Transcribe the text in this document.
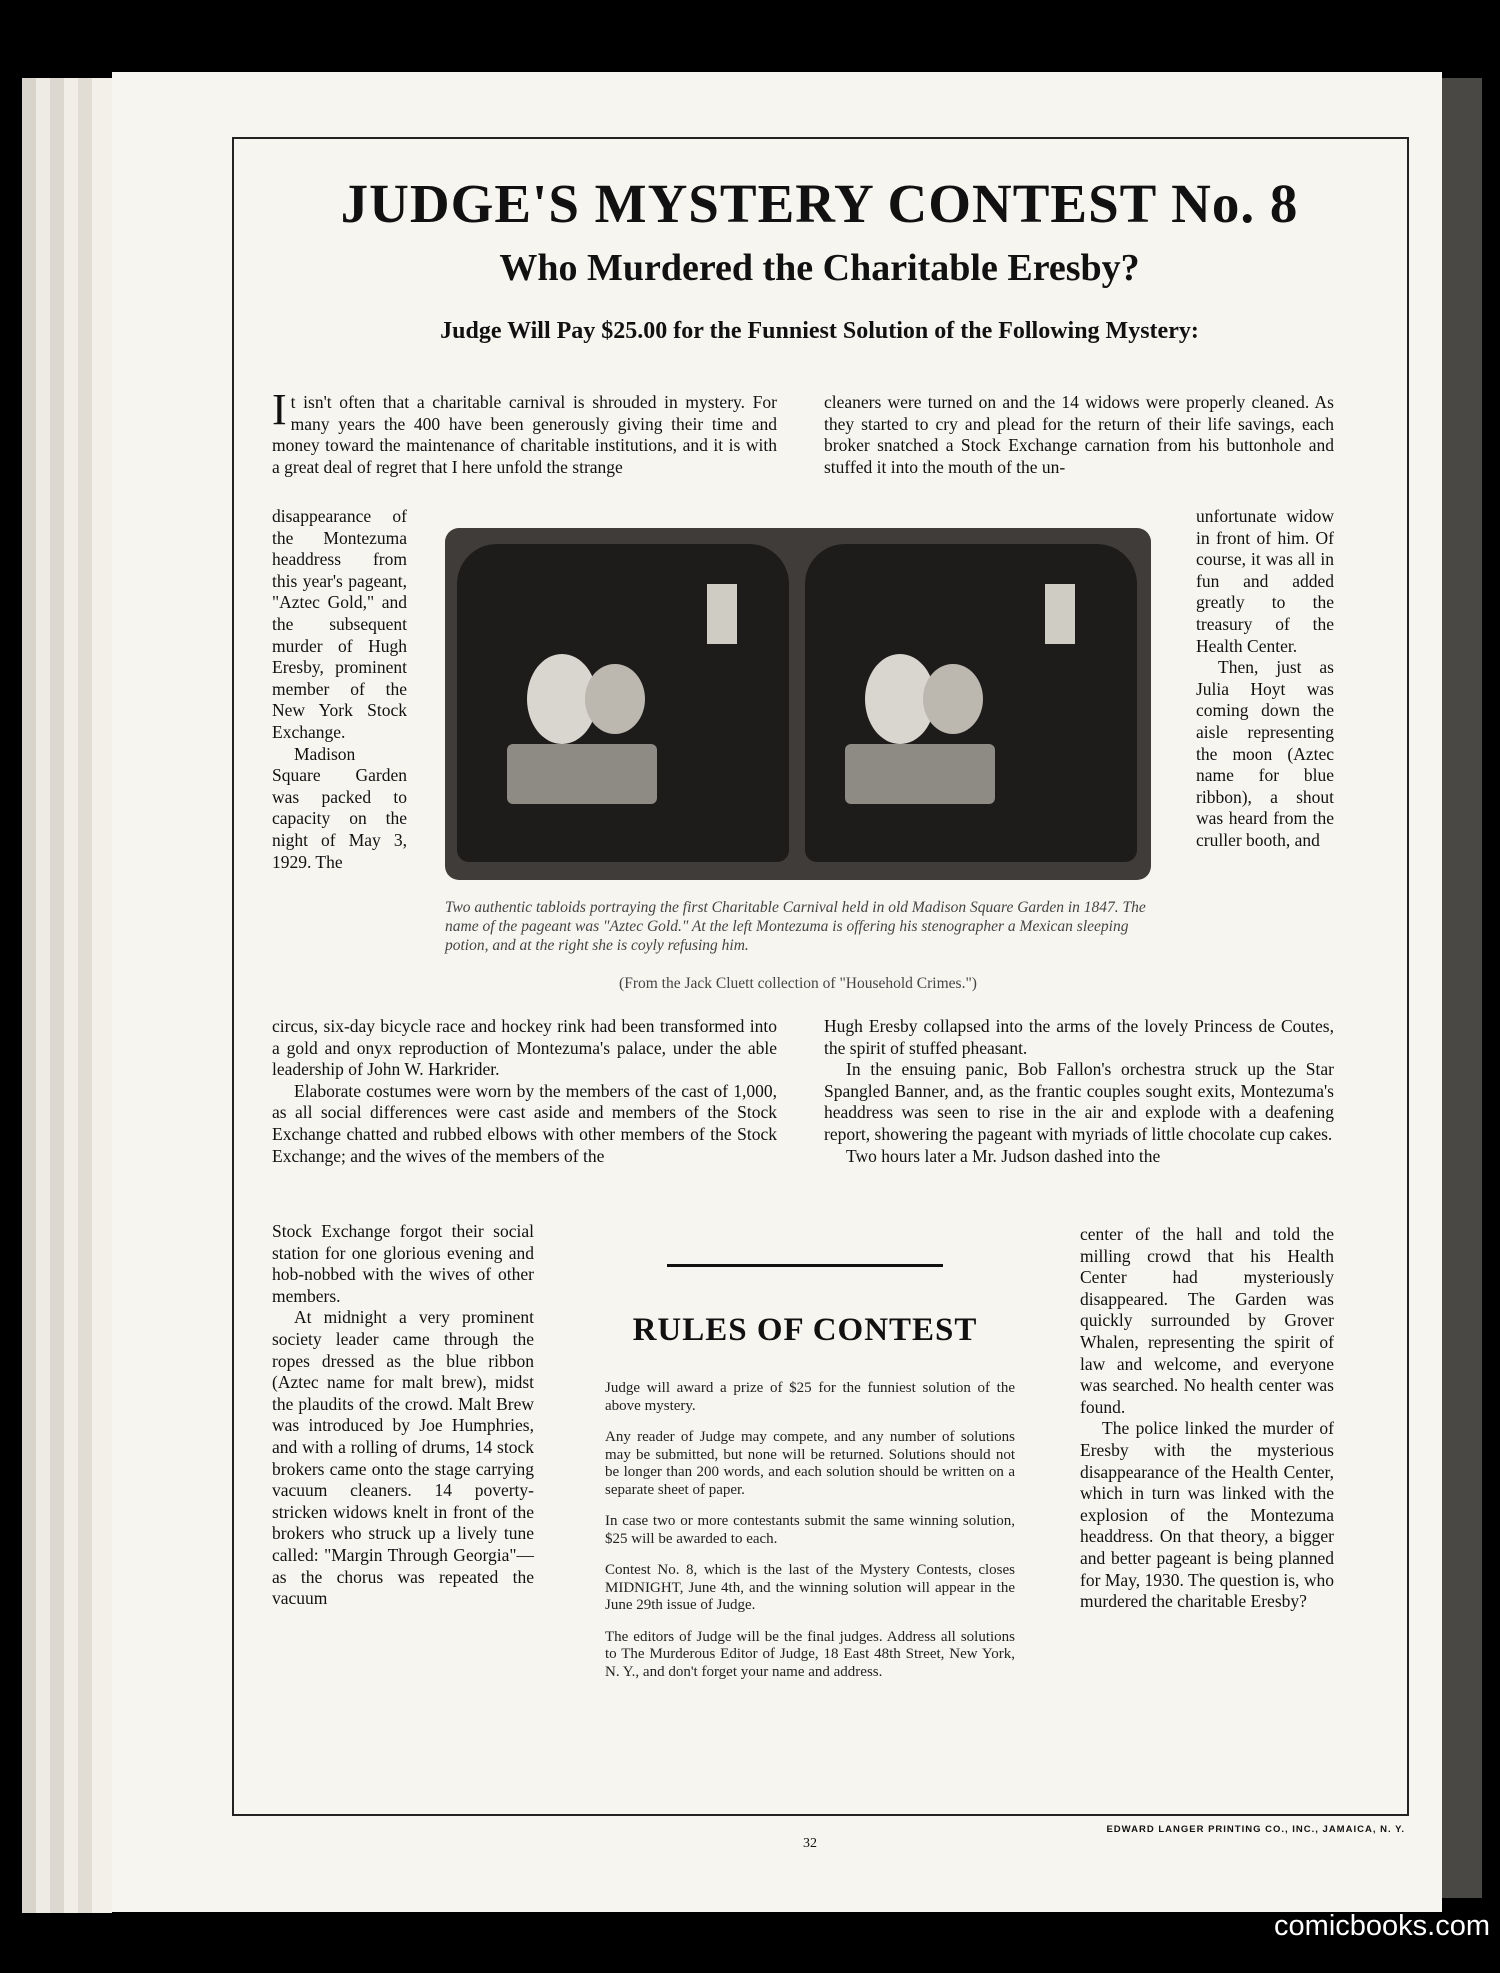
JUDGE'S MYSTERY CONTEST No. 8
Who Murdered the Charitable Eresby?
Judge Will Pay $25.00 for the Funniest Solution of the Following Mystery:

It isn't often that a charitable carnival is shrouded in mystery. For many years the 400 have been generously giving their time and money toward the maintenance of charitable institutions, and it is with a great deal of regret that I here unfold the strange

disappearance of the Montezuma headdress from this year's pageant, "Aztec Gold," and the subsequent murder of Hugh Eresby, prominent member of the New York Stock Exchange.

Madison Square Garden was packed to capacity on the night of May 3, 1929. The

circus, six-day bicycle race and hockey rink had been transformed into a gold and onyx reproduction of Montezuma's palace, under the able leadership of John W. Harkrider.

Elaborate costumes were worn by the members of the cast of 1,000, as all social differences were cast aside and members of the Stock Exchange chatted and rubbed elbows with other members of the Stock Exchange; and the wives of the members of the

Stock Exchange forgot their social station for one glorious evening and hob-nobbed with the wives of other members.

At midnight a very prominent society leader came through the ropes dressed as the blue ribbon (Aztec name for malt brew), midst the plaudits of the crowd. Malt Brew was introduced by Joe Humphries, and with a rolling of drums, 14 stock brokers came onto the stage carrying vacuum cleaners. 14 poverty-stricken widows knelt in front of the brokers who struck up a lively tune called: "Margin Through Georgia"—as the chorus was repeated the vacuum

cleaners were turned on and the 14 widows were properly cleaned. As they started to cry and plead for the return of their life savings, each broker snatched a Stock Exchange carnation from his buttonhole and stuffed it into the mouth of the un-

unfortunate widow in front of him. Of course, it was all in fun and added greatly to the treasury of the Health Center.

Then, just as Julia Hoyt was coming down the aisle representing the moon (Aztec name for blue ribbon), a shout was heard from the cruller booth, and

Hugh Eresby collapsed into the arms of the lovely Princess de Coutes, the spirit of stuffed pheasant.

In the ensuing panic, Bob Fallon's orchestra struck up the Star Spangled Banner, and, as the frantic couples sought exits, Montezuma's headdress was seen to rise in the air and explode with a deafening report, showering the pageant with myriads of little chocolate cup cakes.

Two hours later a Mr. Judson dashed into the

center of the hall and told the milling crowd that his Health Center had mysteriously disappeared. The Garden was quickly surrounded by Grover Whalen, representing the spirit of law and welcome, and everyone was searched. No health center was found.

The police linked the murder of Eresby with the mysterious disappearance of the Health Center, which in turn was linked with the explosion of the Montezuma headdress. On that theory, a bigger and better pageant is being planned for May, 1930. The question is, who murdered the charitable Eresby?

Two authentic tabloids portraying the first Charitable Carnival held in old Madison Square Garden in 1847. The name of the pageant was "Aztec Gold." At the left Montezuma is offering his stenographer a Mexican sleeping potion, and at the right she is coyly refusing him.

(From the Jack Cluett collection of "Household Crimes.")

RULES OF CONTEST

Judge will award a prize of $25 for the funniest solution of the above mystery.

Any reader of Judge may compete, and any number of solutions may be submitted, but none will be returned. Solutions should not be longer than 200 words, and each solution should be written on a separate sheet of paper.

In case two or more contestants submit the same winning solution, $25 will be awarded to each.

Contest No. 8, which is the last of the Mystery Contests, closes MIDNIGHT, June 4th, and the winning solution will appear in the June 29th issue of Judge.

The editors of Judge will be the final judges. Address all solutions to The Murderous Editor of Judge, 18 East 48th Street, New York, N. Y., and don't forget your name and address.

32

EDWARD LANGER PRINTING CO., INC., JAMAICA, N. Y.

comicbooks.com
